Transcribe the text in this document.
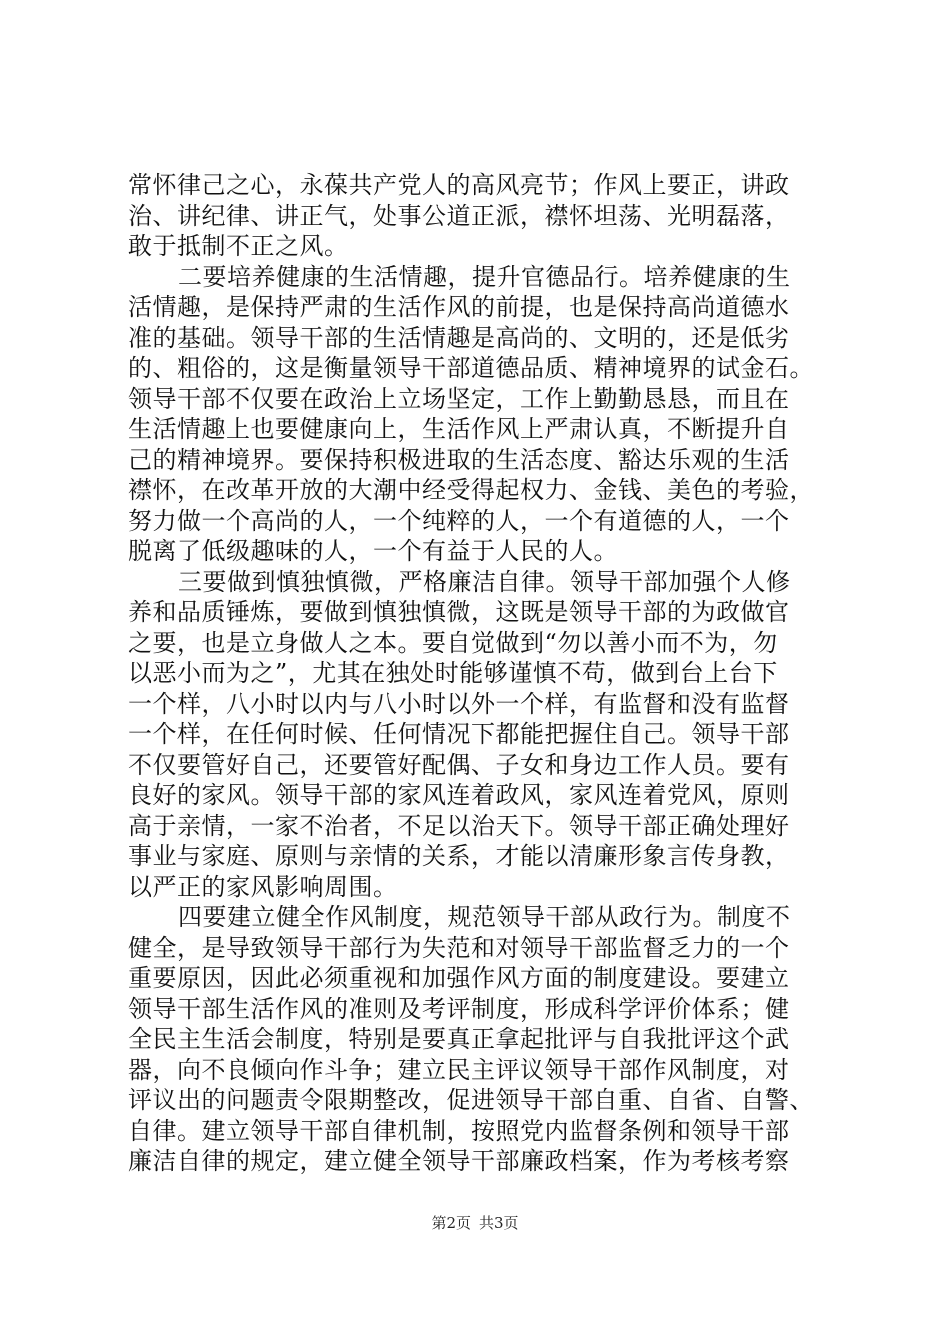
常怀律己之心，永葆共产党人的高风亮节；作风上要正，讲政
治、讲纪律、讲正气，处事公道正派，襟怀坦荡、光明磊落，
敢于抵制不正之风。
二要培养健康的生活情趣，提升官德品行。培养健康的生
活情趣，是保持严肃的生活作风的前提，也是保持高尚道德水
准的基础。领导干部的生活情趣是高尚的、文明的，还是低劣
的、粗俗的，这是衡量领导干部道德品质、精神境界的试金石。
领导干部不仅要在政治上立场坚定，工作上勤勤恳恳，而且在
生活情趣上也要健康向上，生活作风上严肃认真，不断提升自
己的精神境界。要保持积极进取的生活态度、豁达乐观的生活
襟怀，在改革开放的大潮中经受得起权力、金钱、美色的考验，
努力做一个高尚的人，一个纯粹的人，一个有道德的人，一个
脱离了低级趣味的人，一个有益于人民的人。
三要做到慎独慎微，严格廉洁自律。领导干部加强个人修
养和品质锤炼，要做到慎独慎微，这既是领导干部的为政做官
之要，也是立身做人之本。要自觉做到“勿以善小而不为，勿
以恶小而为之”，尤其在独处时能够谨慎不苟，做到台上台下
一个样，八小时以内与八小时以外一个样，有监督和没有监督
一个样，在任何时候、任何情况下都能把握住自己。领导干部
不仅要管好自己，还要管好配偶、子女和身边工作人员。要有
良好的家风。领导干部的家风连着政风，家风连着党风，原则
高于亲情，一家不治者，不足以治天下。领导干部正确处理好
事业与家庭、原则与亲情的关系，才能以清廉形象言传身教，
以严正的家风影响周围。
四要建立健全作风制度，规范领导干部从政行为。制度不
健全，是导致领导干部行为失范和对领导干部监督乏力的一个
重要原因，因此必须重视和加强作风方面的制度建设。要建立
领导干部生活作风的准则及考评制度，形成科学评价体系；健
全民主生活会制度，特别是要真正拿起批评与自我批评这个武
器，向不良倾向作斗争；建立民主评议领导干部作风制度，对
评议出的问题责令限期整改，促进领导干部自重、自省、自警、
自律。建立领导干部自律机制，按照党内监督条例和领导干部
廉洁自律的规定，建立健全领导干部廉政档案，作为考核考察
第2页 共3页
